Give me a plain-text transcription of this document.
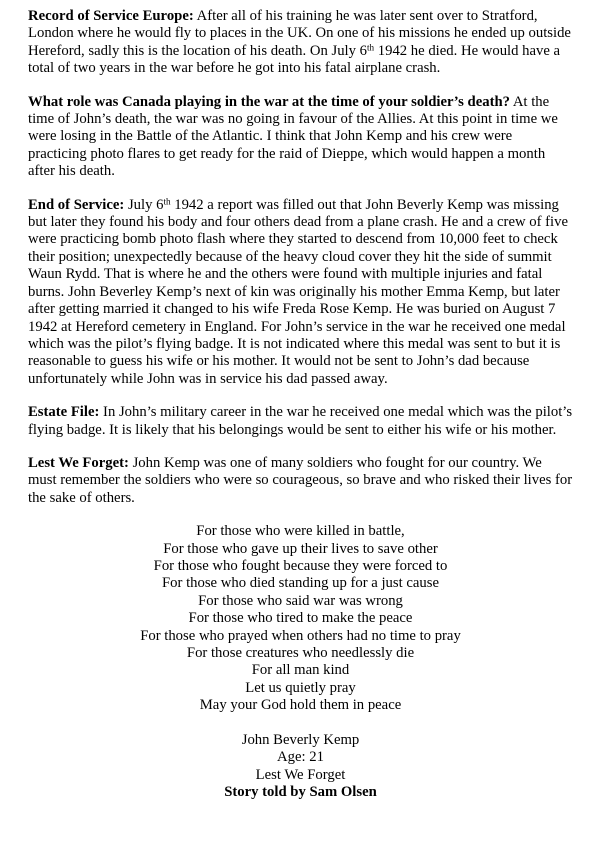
Record of Service Europe: After all of his training he was later sent over to Stratford, London where he would fly to places in the UK. On one of his missions he ended up outside Hereford, sadly this is the location of his death. On July 6th 1942 he died. He would have a total of two years in the war before he got into his fatal airplane crash.

What role was Canada playing in the war at the time of your soldier’s death? At the time of John’s death, the war was no going in favour of the Allies. At this point in time we were losing in the Battle of the Atlantic. I think that John Kemp and his crew were practicing photo flares to get ready for the raid of Dieppe, which would happen a month after his death.

End of Service: July 6th 1942 a report was filled out that John Beverly Kemp was missing but later they found his body and four others dead from a plane crash. He and a crew of five were practicing bomb photo flash where they started to descend from 10,000 feet to check their position; unexpectedly because of the heavy cloud cover they hit the side of summit Waun Rydd. That is where he and the others were found with multiple injuries and fatal burns. John Beverley Kemp’s next of kin was originally his mother Emma Kemp, but later after getting married it changed to his wife Freda Rose Kemp. He was buried on August 7 1942 at Hereford cemetery in England. For John’s service in the war he received one medal which was the pilot’s flying badge. It is not indicated where this medal was sent to but it is reasonable to guess his wife or his mother. It would not be sent to John’s dad because unfortunately while John was in service his dad passed away.

Estate File: In John’s military career in the war he received one medal which was the pilot’s flying badge. It is likely that his belongings would be sent to either his wife or his mother.

Lest We Forget: John Kemp was one of many soldiers who fought for our country. We must remember the soldiers who were so courageous, so brave and who risked their lives for the sake of others.

For those who were killed in battle,
For those who gave up their lives to save other
For those who fought because they were forced to
For those who died standing up for a just cause
For those who said war was wrong
For those who tired to make the peace
For those who prayed when others had no time to pray
For those creatures who needlessly die
For all man kind
Let us quietly pray
May your God hold them in peace
John Beverly Kemp
Age: 21
Lest We Forget
Story told by Sam Olsen
